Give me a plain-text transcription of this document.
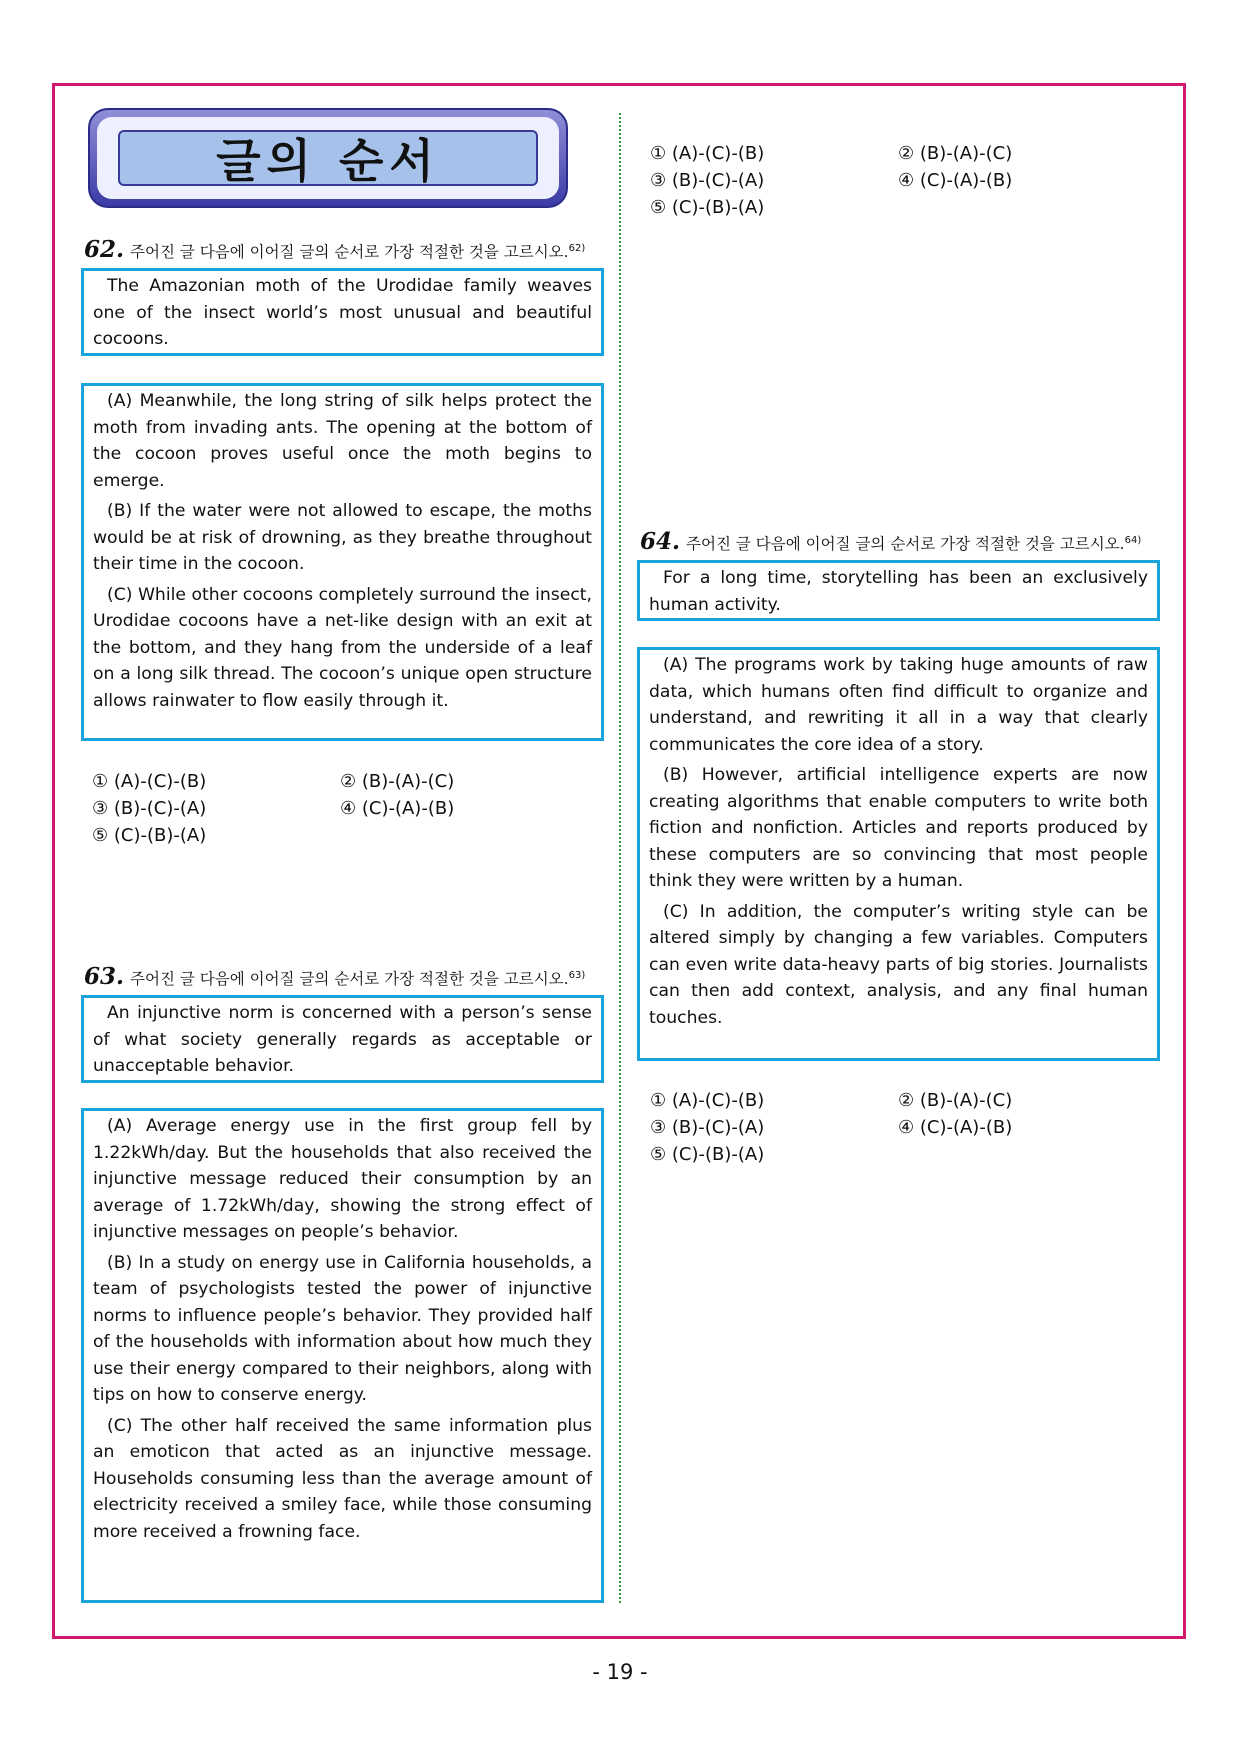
글의 순서	① (A)-(C)-(B)	② (B)-(A)-(C)
③ (B)-(C)-(A)	④ (C)-(A)-(B)
⑤ (C)-(B)-(A)
62. 주어진 글 다음에 이어질 글의 순서로 가장 적절한 것을 고르시오.$^{62)}$

The Amazonian moth of the Urodidae family weaves one of the insect world’s most unusual and beautiful cocoons.

(A) Meanwhile, the long string of silk helps protect the moth from invading ants. The opening at the bottom of the cocoon proves useful once the moth begins to emerge.

(B) If the water were not allowed to escape, the moths would be at risk of drowning, as they breathe throughout their time in the cocoon.

(C) While other cocoons completely surround the insect, Urodidae cocoons have a net-like design with an exit at the bottom, and they hang from the underside of a leaf on a long silk thread. The cocoon’s unique open structure allows rainwater to flow easily through it.

① (A)-(C)-(B)	② (B)-(A)-(C)
③ (B)-(C)-(A)	④ (C)-(A)-(B)
⑤ (C)-(B)-(A)
63. 주어진 글 다음에 이어질 글의 순서로 가장 적절한 것을 고르시오.$^{63)}$

An injunctive norm is concerned with a person’s sense of what society generally regards as acceptable or unacceptable behavior.

(A) Average energy use in the first group fell by 1.22kWh/day. But the households that also received the injunctive message reduced their consumption by an average of 1.72kWh/day, showing the strong effect of injunctive messages on people’s behavior.

(B) In a study on energy use in California households, a team of psychologists tested the power of injunctive norms to influence people’s behavior. They provided half of the households with information about how much they use their energy compared to their neighbors, along with tips on how to conserve energy.

(C) The other half received the same information plus an emoticon that acted as an injunctive message. Households consuming less than the average amount of electricity received a smiley face, while those consuming more received a frowning face.

64. 주어진 글 다음에 이어질 글의 순서로 가장 적절한 것을 고르시오.$^{64)}$

For a long time, storytelling has been an exclusively human activity.

(A) The programs work by taking huge amounts of raw data, which humans often find difficult to organize and understand, and rewriting it all in a way that clearly communicates the core idea of a story.

(B) However, artificial intelligence experts are now creating algorithms that enable computers to write both fiction and nonfiction. Articles and reports produced by these computers are so convincing that most people think they were written by a human.

(C) In addition, the computer’s writing style can be altered simply by changing a few variables. Computers can even write data-heavy parts of big stories. Journalists can then add context, analysis, and any final human touches.

① (A)-(C)-(B)	② (B)-(A)-(C)
③ (B)-(C)-(A)	④ (C)-(A)-(B)
⑤ (C)-(B)-(A)
- 19 -
